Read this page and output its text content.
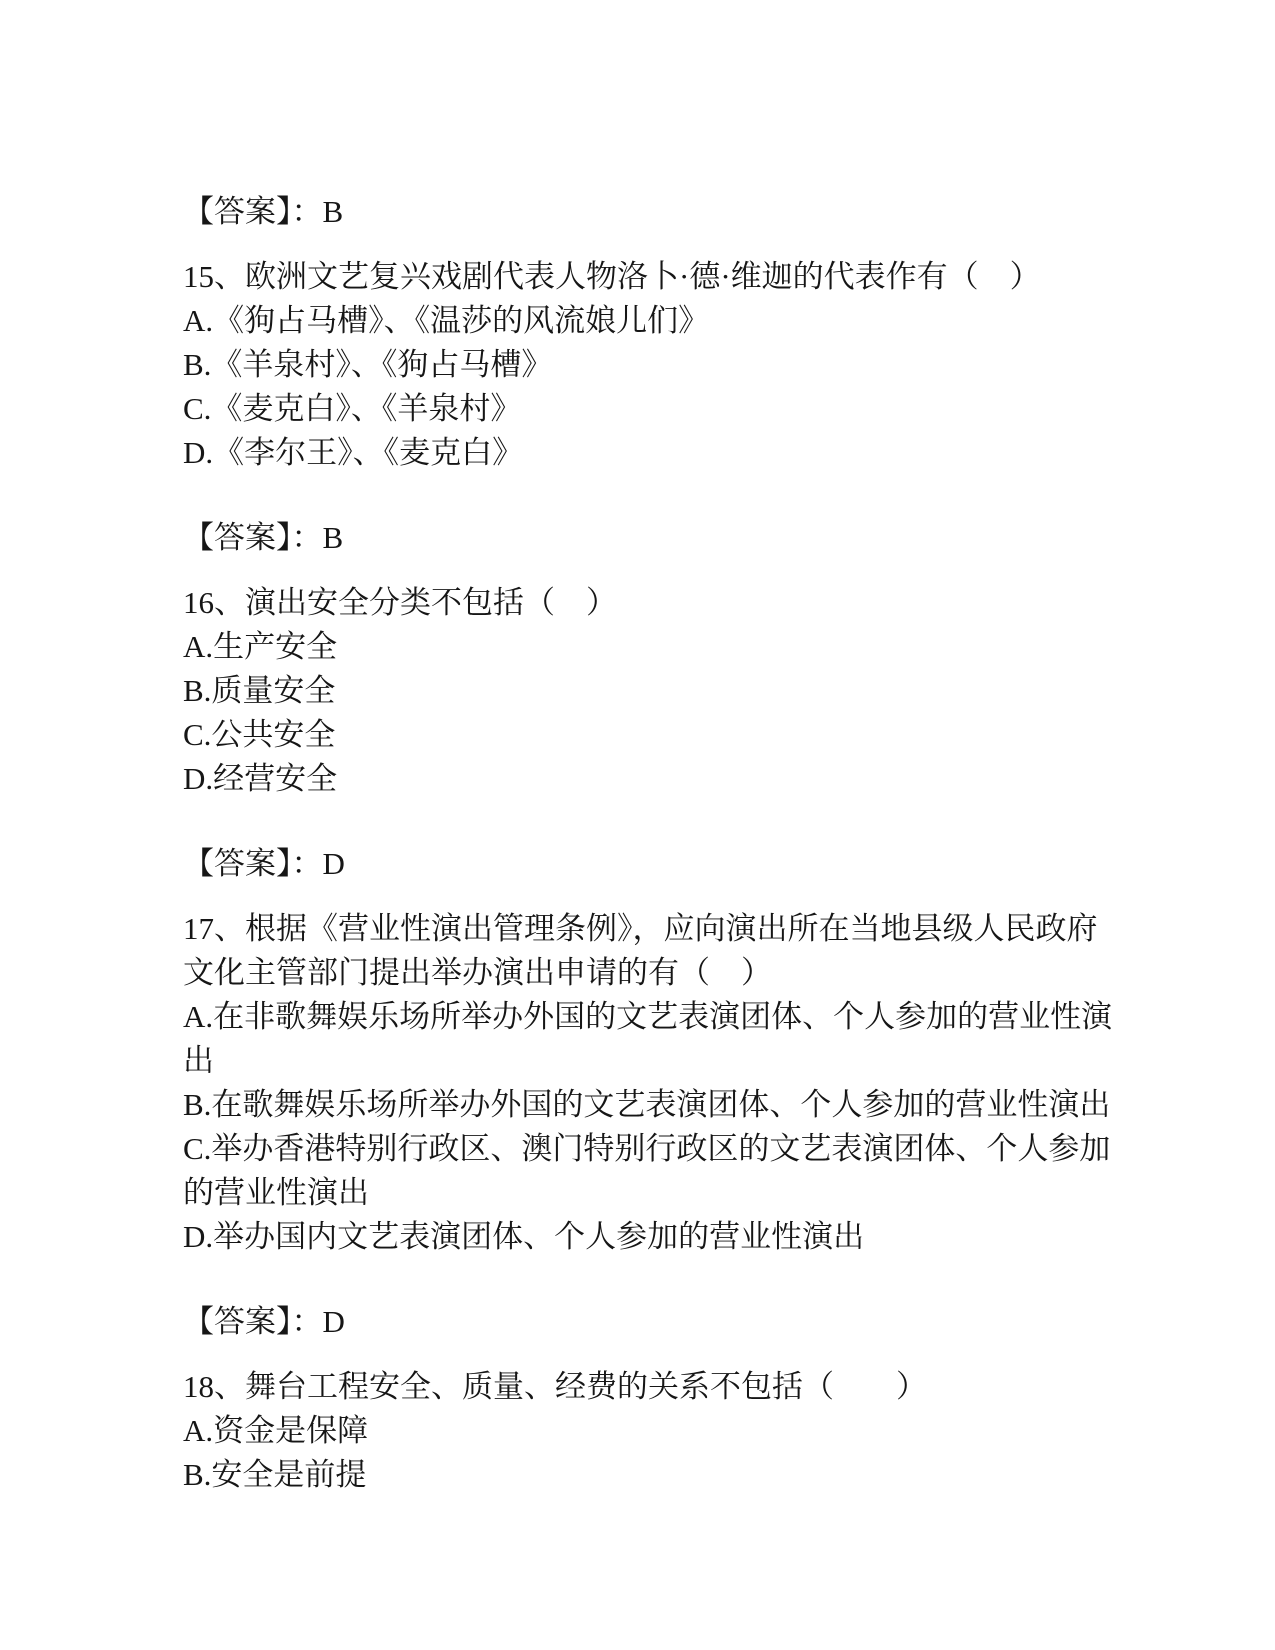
【答案】：B
15、欧洲文艺复兴戏剧代表人物洛卜·德·维迦的代表作有（　）
A.《狗占马槽》、《温莎的风流娘儿们》
B.《羊泉村》、《狗占马槽》
C.《麦克白》、《羊泉村》
D.《李尔王》、《麦克白》
【答案】：B
16、演出安全分类不包括（　）
A.生产安全
B.质量安全
C.公共安全
D.经营安全
【答案】：D
17、根据《营业性演出管理条例》，应向演出所在当地县级人民政府
文化主管部门提出举办演出申请的有（　）
A.在非歌舞娱乐场所举办外国的文艺表演团体、个人参加的营业性演
出
B.在歌舞娱乐场所举办外国的文艺表演团体、个人参加的营业性演出
C.举办香港特别行政区、澳门特别行政区的文艺表演团体、个人参加
的营业性演出
D.举办国内文艺表演团体、个人参加的营业性演出
【答案】：D
18、舞台工程安全、质量、经费的关系不包括（　　）
A.资金是保障
B.安全是前提
